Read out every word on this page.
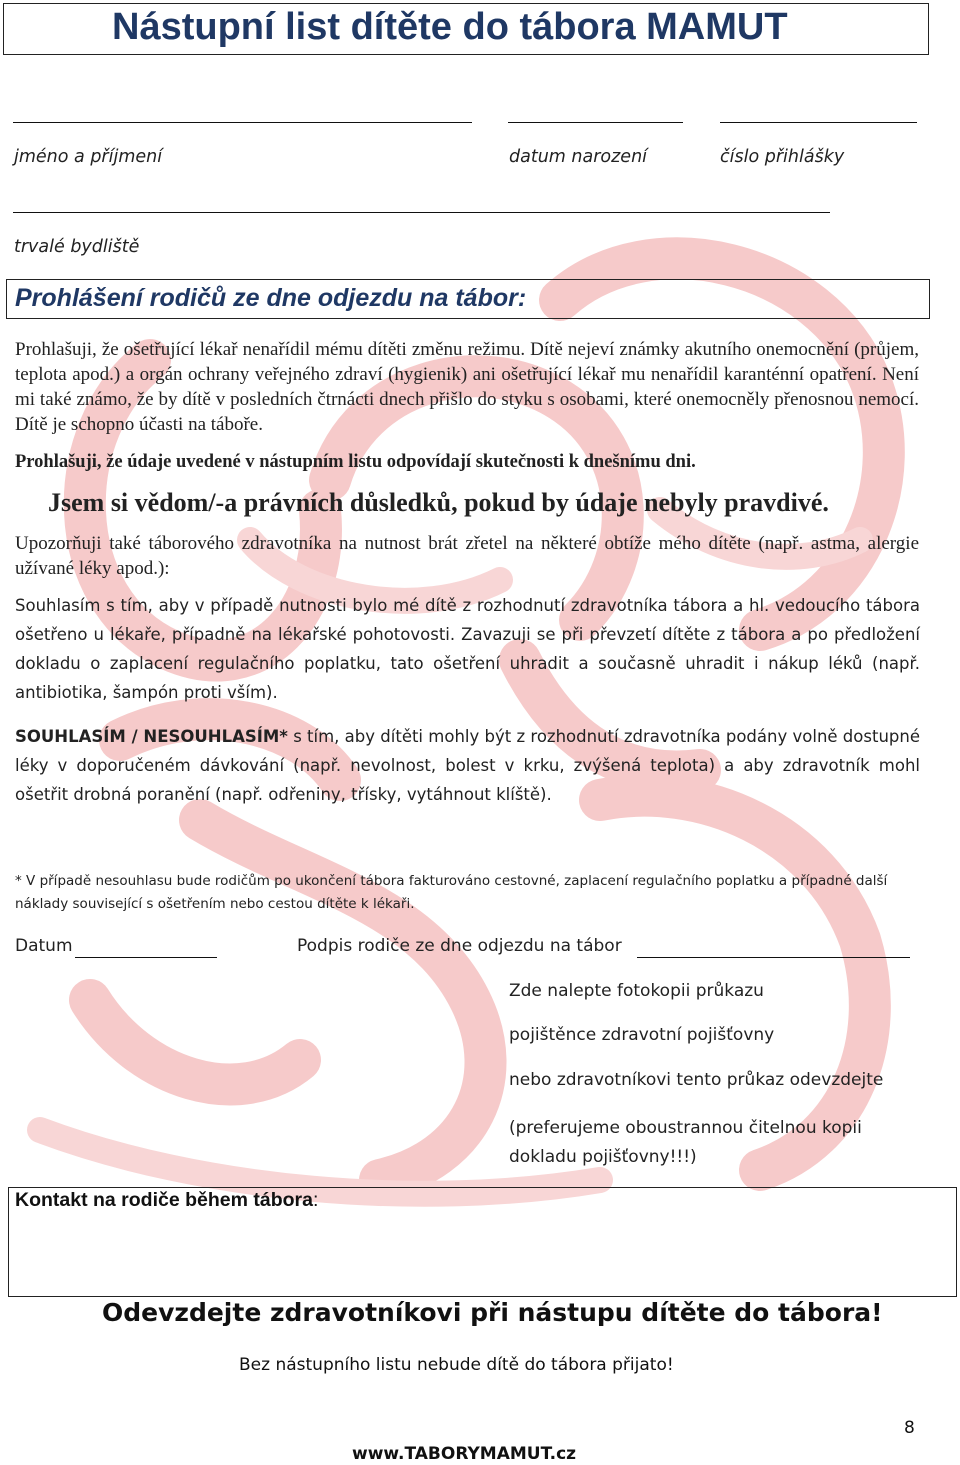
Nástupní list dítěte do tábora MAMUT
jméno a příjmení	datum narození	číslo přihlášky
trvalé bydliště
Prohlášení rodičů ze dne odjezdu na tábor:
Prohlašuji, že ošetřující lékař nenařídil mému dítěti změnu režimu. Dítě nejeví známky akutního onemocnění (průjem, teplota apod.) a orgán ochrany veřejného zdraví (hygienik) ani ošetřující lékař mu nenařídil karanténní opatření. Není mi také známo, že by dítě v posledních čtrnácti dnech přišlo do styku s osobami, které onemocněly přenosnou nemocí. Dítě je schopno účasti na táboře.
Prohlašuji, že údaje uvedené v nástupním listu odpovídají skutečnosti k dnešnímu dni.
Jsem si vědom/-a právních důsledků, pokud by údaje nebyly pravdivé.
Upozorňuji také táborového zdravotníka na nutnost brát zřetel na některé obtíže mého dítěte (např. astma, alergie užívané léky apod.):
Souhlasím s tím, aby v případě nutnosti bylo mé dítě z rozhodnutí zdravotníka tábora a hl. vedoucího tábora ošetřeno u lékaře, případně na lékařské pohotovosti. Zavazuji se při převzetí dítěte z tábora a po předložení dokladu o zaplacení regulačního poplatku, tato ošetření uhradit a současně uhradit i nákup léků (např. antibiotika, šampón proti vším).
SOUHLASÍM / NESOUHLASÍM* s tím, aby dítěti mohly být z rozhodnutí zdravotníka podány volně dostupné léky v doporučeném dávkování (např. nevolnost, bolest v krku, zvýšená teplota) a aby zdravotník mohl ošetřit drobná poranění (např. odřeniny, třísky, vytáhnout klíště).
* V případě nesouhlasu bude rodičům po ukončení tábora fakturováno cestovné, zaplacení regulačního poplatku a případné další náklady související s ošetřením nebo cestou dítěte k lékaři.
Datum	Podpis rodiče ze dne odjezdu na tábor
Zde nalepte fotokopii průkazu
pojištěnce zdravotní pojišťovny
nebo zdravotníkovi tento průkaz odevzdejte
(preferujeme oboustrannou čitelnou kopii dokladu pojišťovny!!!)
Kontakt na rodiče během tábora:
Odevzdejte zdravotníkovi při nástupu dítěte do tábora!
Bez nástupního listu nebude dítě do tábora přijato!
8
www.TABORYMAMUT.cz
